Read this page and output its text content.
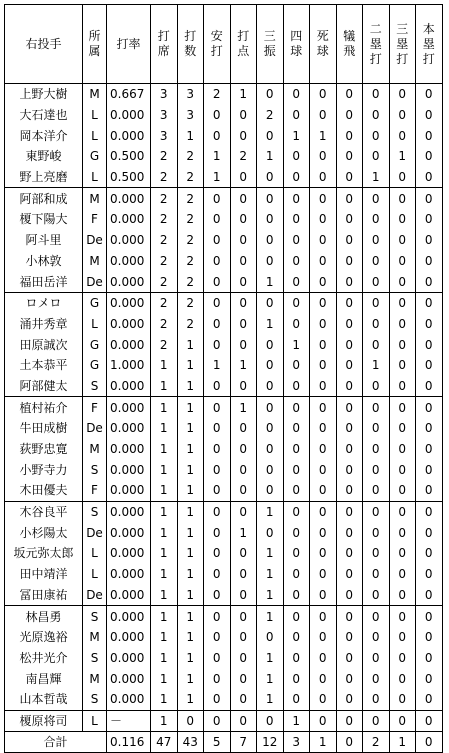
右投手	所属	打率	打席	打数	安打	打点	三振	四球	死球	犠飛	二塁打	三塁打	本塁打
上野大樹	M	0.667	3	3	2	1	0	0	0	0	0	0	0
大石達也	L	0.000	3	3	0	0	2	0	0	0	0	0	0
岡本洋介	L	0.000	3	1	0	0	0	1	1	0	0	0	0
東野峻	G	0.500	2	2	1	2	1	0	0	0	0	1	0
野上亮磨	L	0.500	2	2	1	0	0	0	0	0	1	0	0
阿部和成	M	0.000	2	2	0	0	0	0	0	0	0	0	0
榎下陽大	F	0.000	2	2	0	0	0	0	0	0	0	0	0
阿斗里	De	0.000	2	2	0	0	0	0	0	0	0	0	0
小林敦	M	0.000	2	2	0	0	0	0	0	0	0	0	0
福田岳洋	De	0.000	2	2	0	0	1	0	0	0	0	0	0
ロメロ	G	0.000	2	2	0	0	0	0	0	0	0	0	0
涌井秀章	L	0.000	2	2	0	0	1	0	0	0	0	0	0
田原誠次	G	0.000	2	1	0	0	0	1	0	0	0	0	0
土本恭平	G	1.000	1	1	1	1	0	0	0	0	1	0	0
阿部健太	S	0.000	1	1	0	0	0	0	0	0	0	0	0
植村祐介	F	0.000	1	1	0	1	0	0	0	0	0	0	0
牛田成樹	De	0.000	1	1	0	0	0	0	0	0	0	0	0
荻野忠寛	M	0.000	1	1	0	0	0	0	0	0	0	0	0
小野寺力	S	0.000	1	1	0	0	0	0	0	0	0	0	0
木田優夫	F	0.000	1	1	0	0	0	0	0	0	0	0	0
木谷良平	S	0.000	1	1	0	0	1	0	0	0	0	0	0
小杉陽太	De	0.000	1	1	0	1	0	0	0	0	0	0	0
坂元弥太郎	L	0.000	1	1	0	0	1	0	0	0	0	0	0
田中靖洋	L	0.000	1	1	0	0	1	0	0	0	0	0	0
冨田康祐	De	0.000	1	1	0	0	1	0	0	0	0	0	0
林昌勇	S	0.000	1	1	0	0	1	0	0	0	0	0	0
光原逸裕	M	0.000	1	1	0	0	0	0	0	0	0	0	0
松井光介	S	0.000	1	1	0	0	1	0	0	0	0	0	0
南昌輝	M	0.000	1	1	0	0	1	0	0	0	0	0	0
山本哲哉	S	0.000	1	1	0	0	1	0	0	0	0	0	0
榎原将司	L	－	1	0	0	0	0	1	0	0	0	0	0
合計		0.116	47	43	5	7	12	3	1	0	2	1	0
